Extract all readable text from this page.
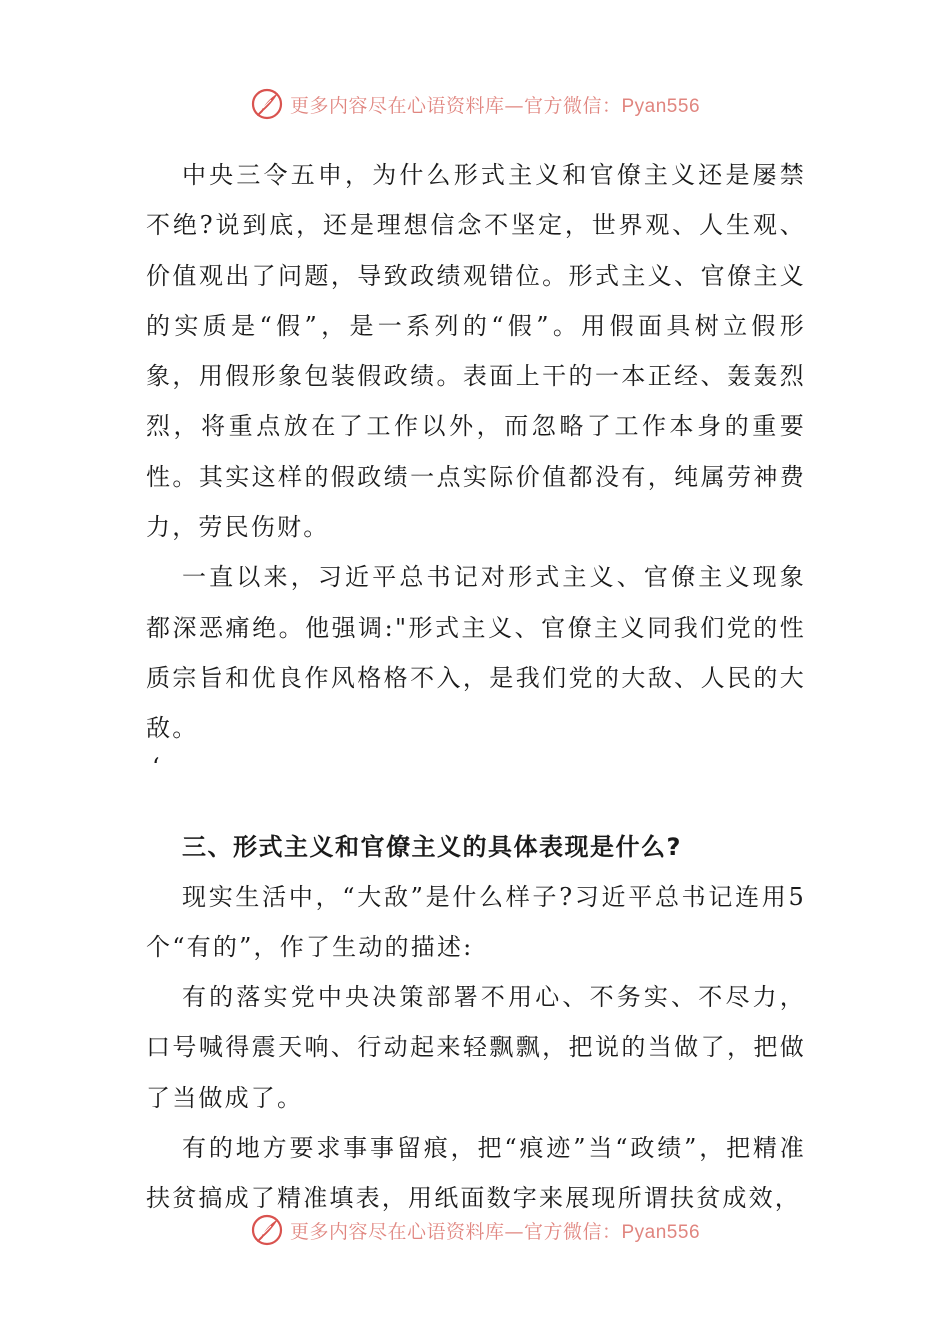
更多内容尽在心语资料库—官方微信：Pyan556

中央三令五申，为什么形式主义和官僚主义还是屡禁不绝?说到底，还是理想信念不坚定，世界观、人生观、价值观出了问题，导致政绩观错位。形式主义、官僚主义的实质是“假”，是一系列的“假”。用假面具树立假形象，用假形象包装假政绩。表面上干的一本正经、轰轰烈烈，将重点放在了工作以外，而忽略了工作本身的重要性。其实这样的假政绩一点实际价值都没有，纯属劳神费力，劳民伤财。

一直以来，习近平总书记对形式主义、官僚主义现象都深恶痛绝。他强调:"形式主义、官僚主义同我们党的性质宗旨和优良作风格格不入，是我们党的大敌、人民的大敌。

‘

三、形式主义和官僚主义的具体表现是什么?

现实生活中，“大敌”是什么样子?习近平总书记连用5个“有的”，作了生动的描述:

有的落实党中央决策部署不用心、不务实、不尽力，口号喊得震天响、行动起来轻飘飘，把说的当做了，把做了当做成了。

有的地方要求事事留痕，把“痕迹”当“政绩”，把精准扶贫搞成了精准填表，用纸面数字来展现所谓扶贫成效，

更多内容尽在心语资料库—官方微信：Pyan556
